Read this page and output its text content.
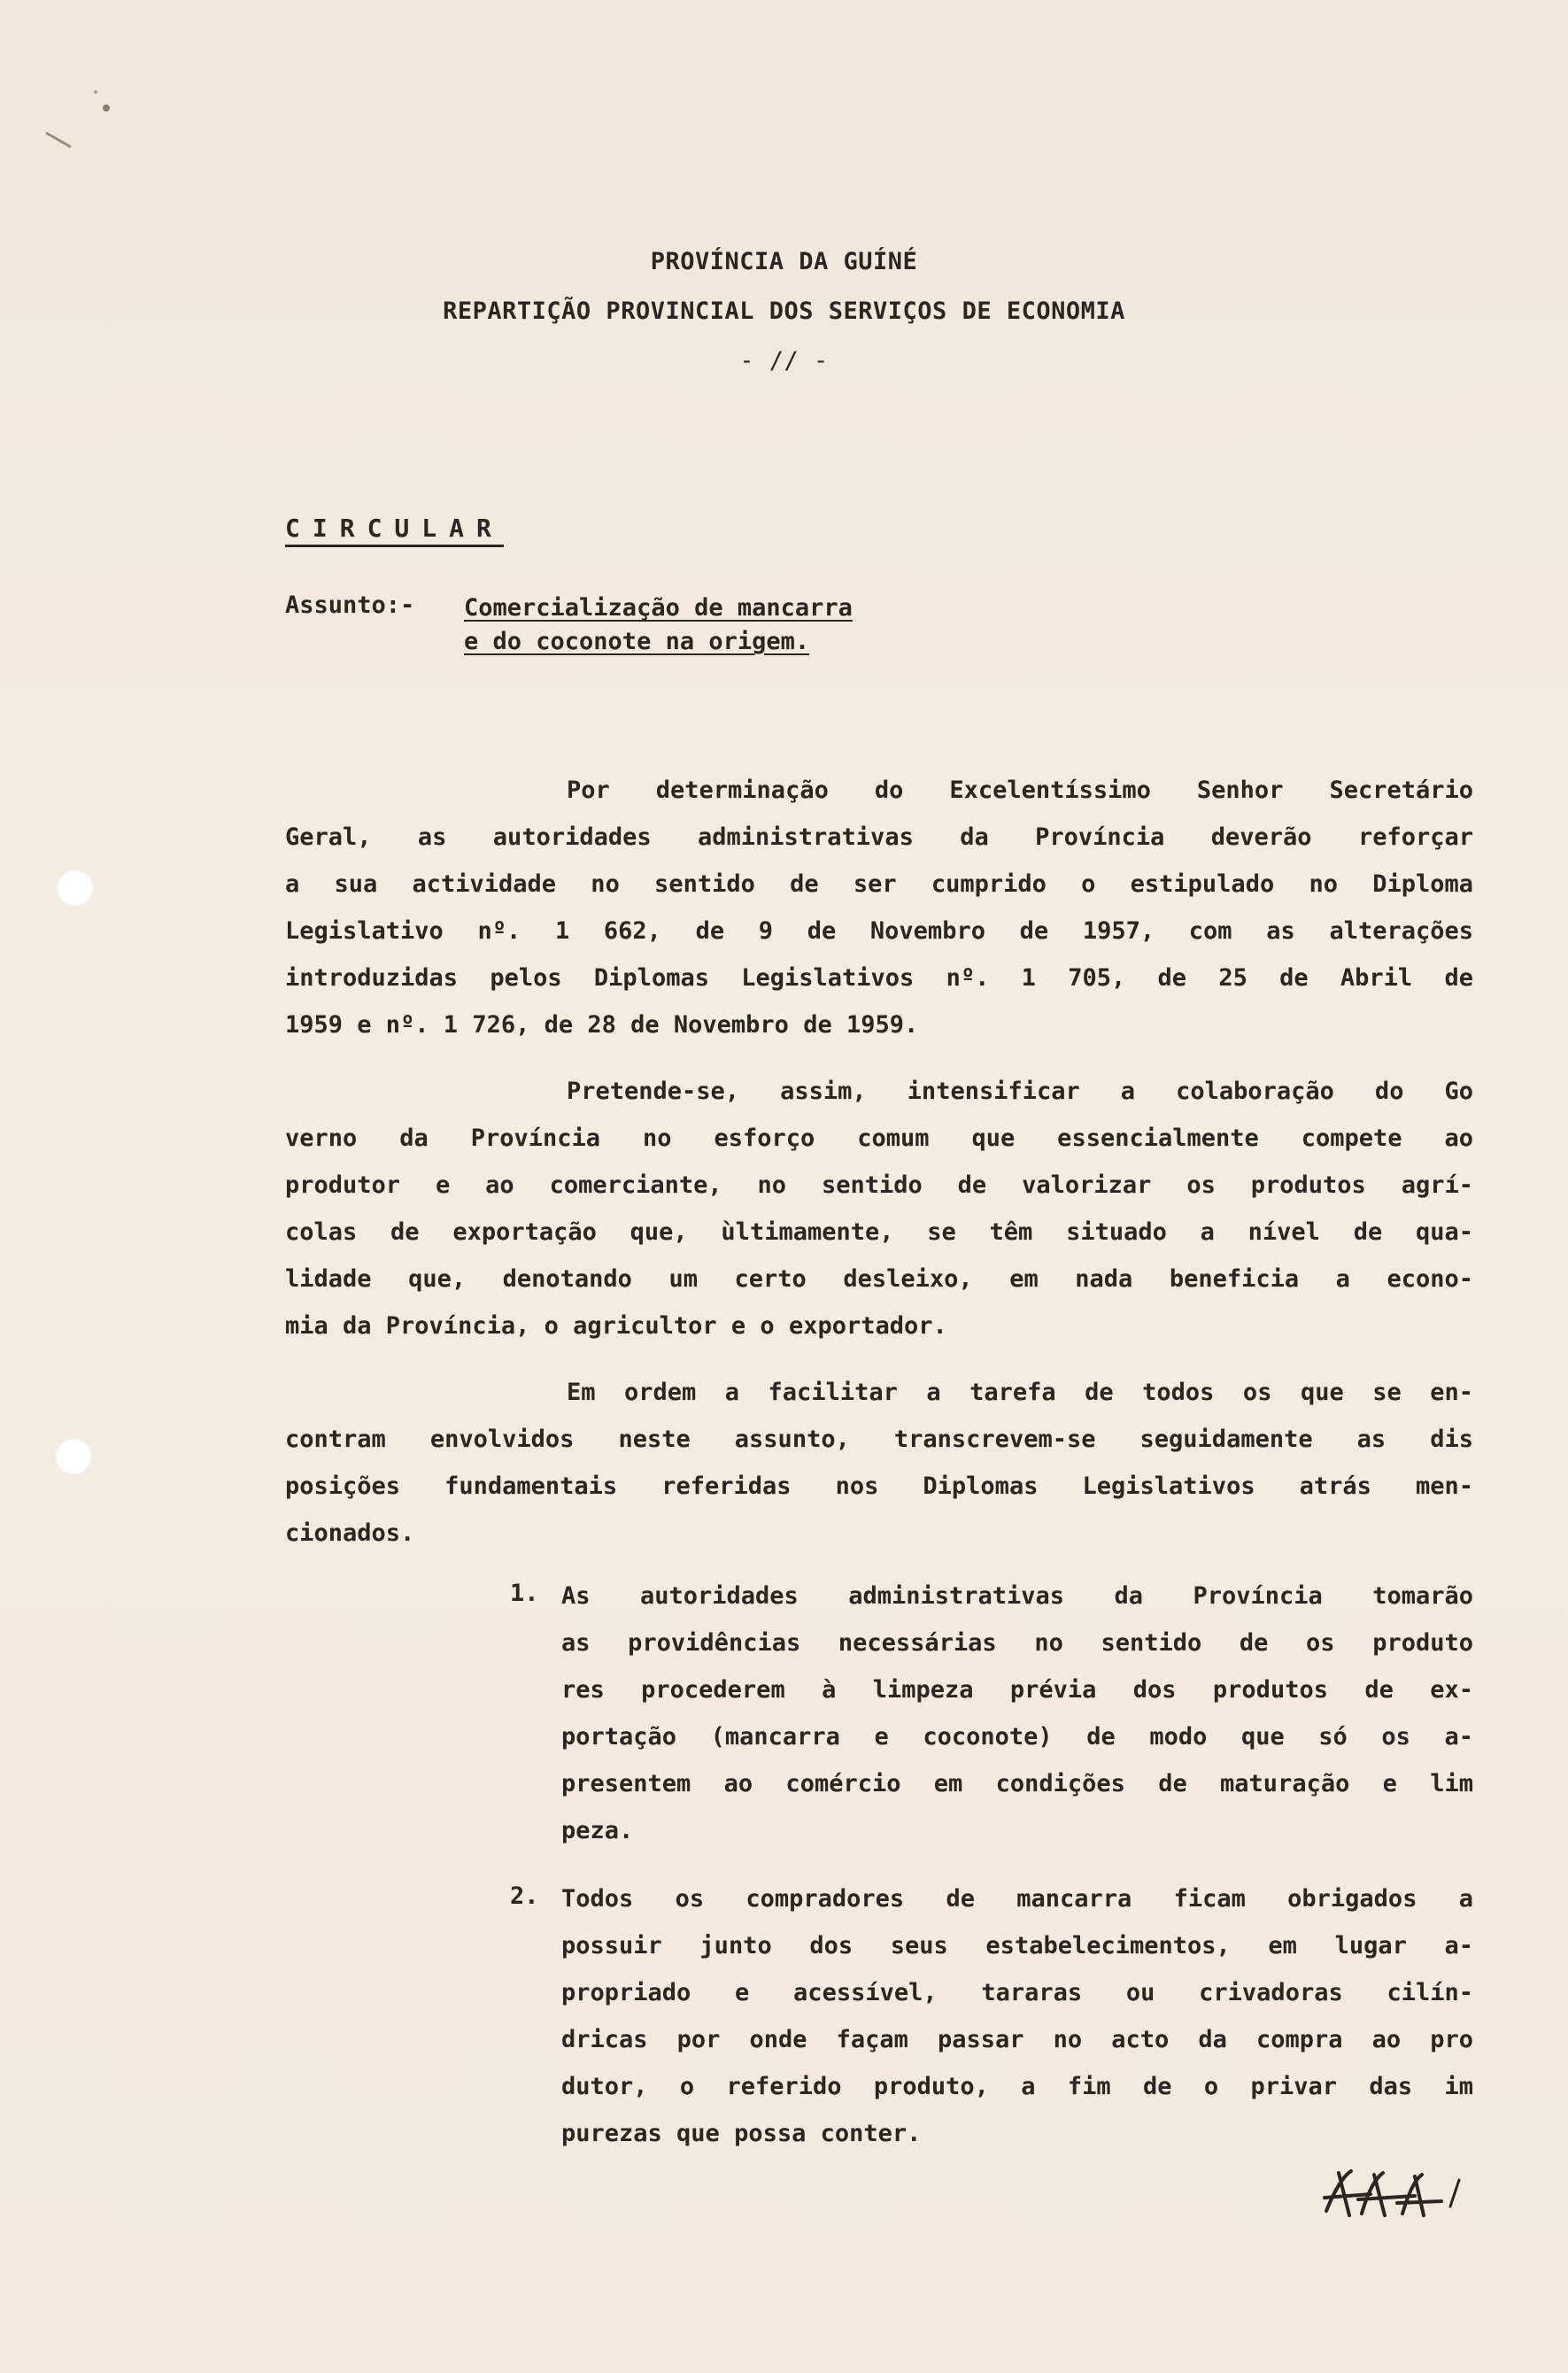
PROVÍNCIA DA GUÍNÉ
REPARTIÇÃO PROVINCIAL DOS SERVIÇOS DE ECONOMIA
- // -
CIRCULAR
Assunto:- Comercialização de mancarra
e do coconote na origem.
Por determinação do Excelentíssimo Senhor Secretário
Geral, as autoridades administrativas da Província deverão reforçar
a sua actividade no sentido de ser cumprido o estipulado no Diploma
Legislativo nº. 1 662, de 9 de Novembro de 1957, com as alterações
introduzidas pelos Diplomas Legislativos nº. 1 705, de 25 de Abril de
1959 e nº. 1 726, de 28 de Novembro de 1959.
Pretende-se, assim, intensificar a colaboração do Go
verno da Província no esforço comum que essencialmente compete ao
produtor e ao comerciante, no sentido de valorizar os produtos agrí-
colas de exportação que, ùltimamente, se têm situado a nível de qua-
lidade que, denotando um certo desleixo, em nada beneficia a econo-
mia da Província, o agricultor e o exportador.
Em ordem a facilitar a tarefa de todos os que se en-
contram envolvidos neste assunto, transcrevem-se seguidamente as dis
posições fundamentais referidas nos Diplomas Legislativos atrás men-
cionados.
1. As autoridades administrativas da Província tomarão
as providências necessárias no sentido de os produto
res procederem à limpeza prévia dos produtos de ex-
portação (mancarra e coconote) de modo que só os a-
presentem ao comércio em condições de maturação e lim
peza.
2. Todos os compradores de mancarra ficam obrigados a
possuir junto dos seus estabelecimentos, em lugar a-
propriado e acessível, tararas ou crivadoras cilín-
dricas por onde façam passar no acto da compra ao pro
dutor, o referido produto, a fim de o privar das im
purezas que possa conter.
